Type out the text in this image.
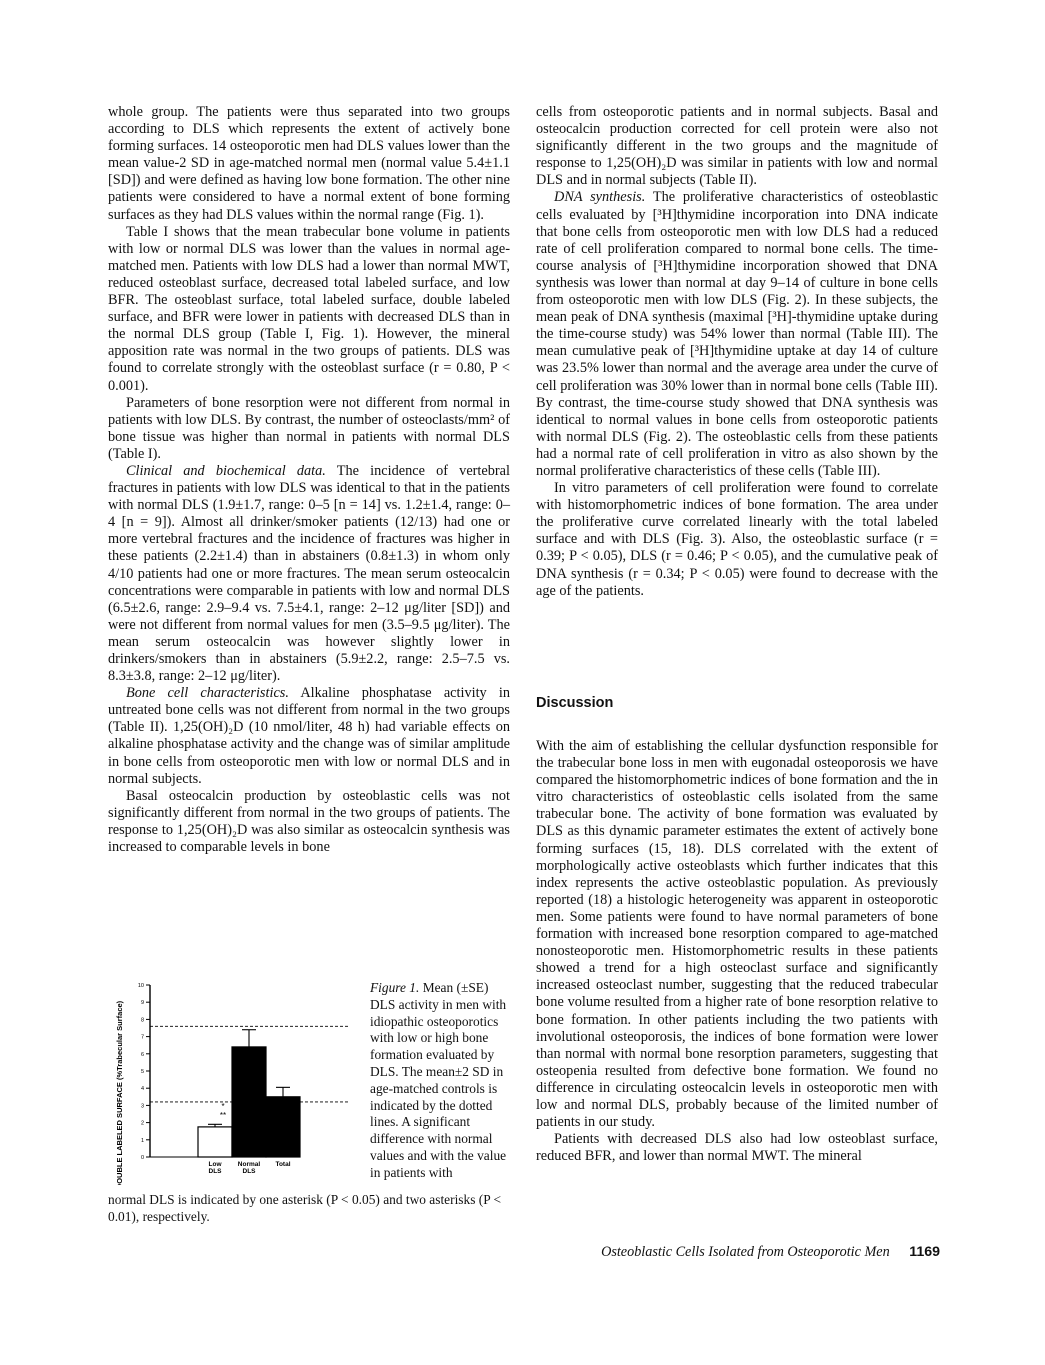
whole group. The patients were thus separated into two groups according to DLS which represents the extent of actively bone forming surfaces. 14 osteoporotic men had DLS values lower than the mean value-2 SD in age-matched normal men (normal value 5.4±1.1 [SD]) and were defined as having low bone formation. The other nine patients were considered to have a normal extent of bone forming surfaces as they had DLS values within the normal range (Fig. 1).

Table I shows that the mean trabecular bone volume in patients with low or normal DLS was lower than the values in normal age-matched men. Patients with low DLS had a lower than normal MWT, reduced osteoblast surface, decreased total labeled surface, and low BFR. The osteoblast surface, total labeled surface, double labeled surface, and BFR were lower in patients with decreased DLS than in the normal DLS group (Table I, Fig. 1). However, the mineral apposition rate was normal in the two groups of patients. DLS was found to correlate strongly with the osteoblast surface (r = 0.80, P < 0.001).

Parameters of bone resorption were not different from normal in patients with low DLS. By contrast, the number of osteoclasts/mm² of bone tissue was higher than normal in patients with normal DLS (Table I).

Clinical and biochemical data. The incidence of vertebral fractures in patients with low DLS was identical to that in the patients with normal DLS (1.9±1.7, range: 0–5 [n = 14] vs. 1.2±1.4, range: 0–4 [n = 9]). Almost all drinker/smoker patients (12/13) had one or more vertebral fractures and the incidence of fractures was higher in these patients (2.2±1.4) than in abstainers (0.8±1.3) in whom only 4/10 patients had one or more fractures. The mean serum osteocalcin concentrations were comparable in patients with low and normal DLS (6.5±2.6, range: 2.9–9.4 vs. 7.5±4.1, range: 2–12 μg/liter [SD]) and were not different from normal values for men (3.5–9.5 μg/liter). The mean serum osteocalcin was however slightly lower in drinkers/smokers than in abstainers (5.9±2.2, range: 2.5–7.5 vs. 8.3±3.8, range: 2–12 μg/liter).

Bone cell characteristics. Alkaline phosphatase activity in untreated bone cells was not different from normal in the two groups (Table II). 1,25(OH)₂D (10 nmol/liter, 48 h) had variable effects on alkaline phosphatase activity and the change was of similar amplitude in bone cells from osteoporotic men with low or normal DLS and in normal subjects.

Basal osteocalcin production by osteoblastic cells was not significantly different from normal in the two groups of patients. The response to 1,25(OH)₂D was also similar as osteocalcin synthesis was increased to comparable levels in bone

cells from osteoporotic patients and in normal subjects. Basal and osteocalcin production corrected for cell protein were also not significantly different in the two groups and the magnitude of response to 1,25(OH)₂D was similar in patients with low and normal DLS and in normal subjects (Table II).

DNA synthesis. The proliferative characteristics of osteoblastic cells evaluated by [³H]thymidine incorporation into DNA indicate that bone cells from osteoporotic men with low DLS had a reduced rate of cell proliferation compared to normal bone cells. The time-course analysis of [³H]thymidine incorporation showed that DNA synthesis was lower than normal at day 9–14 of culture in bone cells from osteoporotic men with low DLS (Fig. 2). In these subjects, the mean peak of DNA synthesis (maximal [³H]-thymidine uptake during the time-course study) was 54% lower than normal (Table III). The mean cumulative peak of [³H]thymidine uptake at day 14 of culture was 23.5% lower than normal and the average area under the curve of cell proliferation was 30% lower than in normal bone cells (Table III). By contrast, the time-course study showed that DNA synthesis was identical to normal values in bone cells from osteoporotic patients with normal DLS (Fig. 2). The osteoblastic cells from these patients had a normal rate of cell proliferation in vitro as also shown by the normal proliferative characteristics of these cells (Table III).

In vitro parameters of cell proliferation were found to correlate with histomorphometric indices of bone formation. The area under the proliferative curve correlated linearly with the total labeled surface and with DLS (Fig. 3). Also, the osteoblastic surface (r = 0.39; P < 0.05), DLS (r = 0.46; P < 0.05), and the cumulative peak of DNA synthesis (r = 0.34; P < 0.05) were found to decrease with the age of the patients.

Discussion

With the aim of establishing the cellular dysfunction responsible for the trabecular bone loss in men with eugonadal osteoporosis we have compared the histomorphometric indices of bone formation and the in vitro characteristics of osteoblastic cells isolated from the same trabecular bone. The activity of bone formation was evaluated by DLS as this dynamic parameter estimates the extent of actively bone forming surfaces (15, 18). DLS correlated with the extent of morphologically active osteoblasts which further indicates that this index represents the active osteoblastic population. As previously reported (18) a histologic heterogeneity was apparent in osteoporotic men. Some patients were found to have normal parameters of bone formation with increased bone resorption compared to age-matched nonosteoporotic men. Histomorphometric results in these patients showed a trend for a high osteoclast surface and significantly increased osteoclast number, suggesting that the reduced trabecular bone volume resulted from a higher rate of bone resorption relative to bone formation. In other patients including the two patients with involutional osteoporosis, the indices of bone formation were lower than normal with normal bone resorption parameters, suggesting that osteopenia resulted from defective bone formation. We found no difference in circulating osteocalcin levels in osteoporotic men with low and normal DLS, probably because of the limited number of patients in our study.

Patients with decreased DLS also had low osteoblast surface, reduced BFR, and lower than normal MWT. The mineral

DOUBLE LABELED SURFACE (%Trabecular Surface)	0
1
2
3
4
5
6
7
8
9
10
Low
DLS
Normal
DLS
Total
*
**
Figure 1. Mean (±SE) DLS activity in men with idiopathic osteoporotics with low or high bone formation evaluated by DLS. The mean±2 SD in age-matched controls is indicated by the dotted lines. A significant difference with normal values and with the value in patients with
normal DLS is indicated by one asterisk (P < 0.05) and two asterisks (P < 0.01), respectively.
Osteoblastic Cells Isolated from Osteoporotic Men 1169
